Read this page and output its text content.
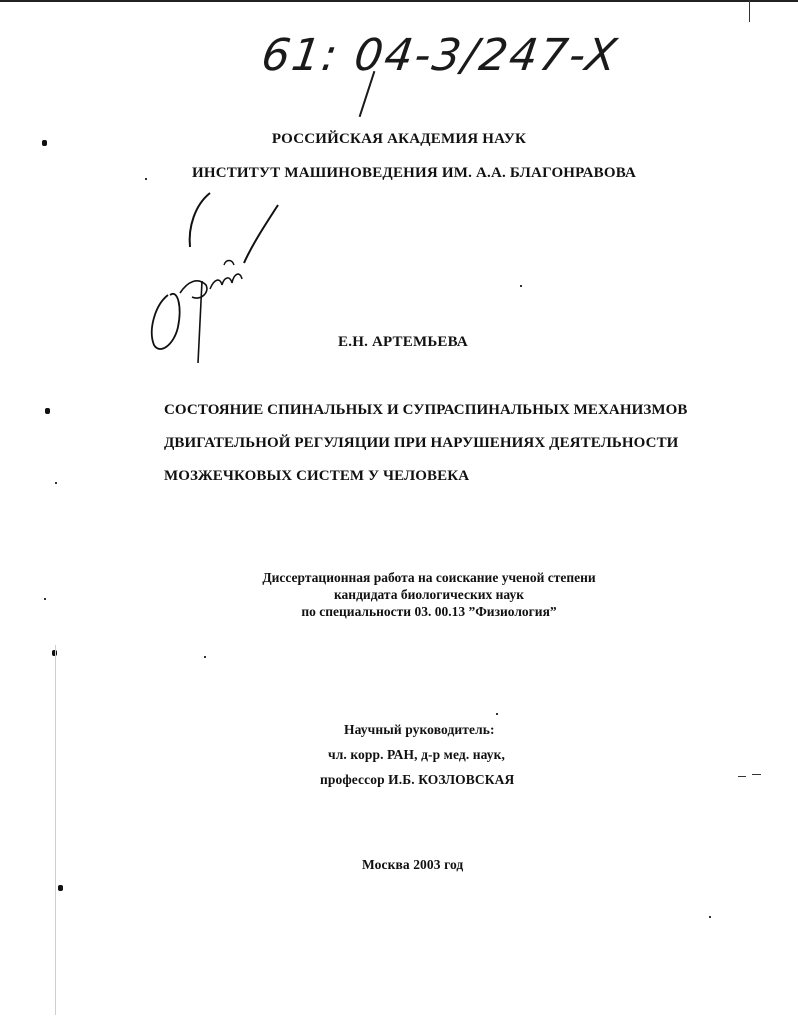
61: 04-3/247-X
РОССИЙСКАЯ АКАДЕМИЯ НАУК
ИНСТИТУТ МАШИНОВЕДЕНИЯ ИМ. А.А. БЛАГОНРАВОВА
Е.Н. АРТЕМЬЕВА
СОСТОЯНИЕ СПИНАЛЬНЫХ И СУПРАСПИНАЛЬНЫХ МЕХАНИЗМОВ
ДВИГАТЕЛЬНОЙ РЕГУЛЯЦИИ ПРИ НАРУШЕНИЯХ ДЕЯТЕЛЬНОСТИ
МОЗЖЕЧКОВЫХ СИСТЕМ У ЧЕЛОВЕКА
Диссертационная работа на соискание ученой степени
кандидата биологических наук
по специальности 03. 00.13 ”Физиология”
Научный руководитель:
чл. корр. РАН, д-р мед. наук,
профессор И.Б. КОЗЛОВСКАЯ
Москва 2003 год
